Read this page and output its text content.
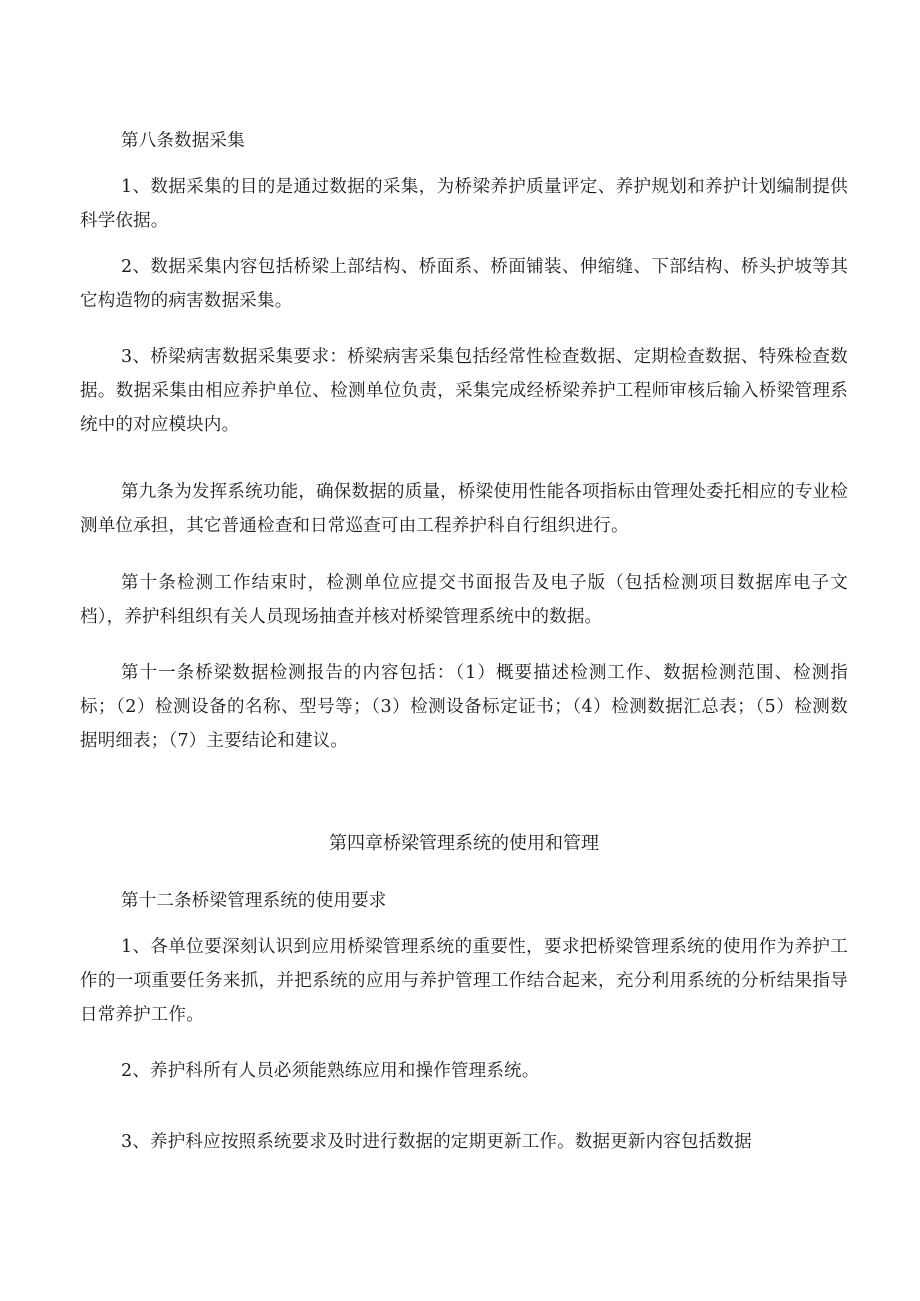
第八条数据采集

1、数据采集的目的是通过数据的采集，为桥梁养护质量评定、养护规划和养护计划编制提供科学依据。

2、数据采集内容包括桥梁上部结构、桥面系、桥面铺装、伸缩缝、下部结构、桥头护坡等其它构造物的病害数据采集。

3、桥梁病害数据采集要求：桥梁病害采集包括经常性检查数据、定期检查数据、特殊检查数据。数据采集由相应养护单位、检测单位负责，采集完成经桥梁养护工程师审核后输入桥梁管理系统中的对应模块内。

第九条为发挥系统功能，确保数据的质量，桥梁使用性能各项指标由管理处委托相应的专业检测单位承担，其它普通检查和日常巡查可由工程养护科自行组织进行。

第十条检测工作结束时，检测单位应提交书面报告及电子版（包括检测项目数据库电子文档），养护科组织有关人员现场抽查并核对桥梁管理系统中的数据。

第十一条桥梁数据检测报告的内容包括：（1）概要描述检测工作、数据检测范围、检测指标；（2）检测设备的名称、型号等；（3）检测设备标定证书；（4）检测数据汇总表；（5）检测数据明细表；（7）主要结论和建议。

第四章桥梁管理系统的使用和管理

第十二条桥梁管理系统的使用要求

1、各单位要深刻认识到应用桥梁管理系统的重要性，要求把桥梁管理系统的使用作为养护工作的一项重要任务来抓，并把系统的应用与养护管理工作结合起来，充分利用系统的分析结果指导日常养护工作。

2、养护科所有人员必须能熟练应用和操作管理系统。

3、养护科应按照系统要求及时进行数据的定期更新工作。数据更新内容包括数据
